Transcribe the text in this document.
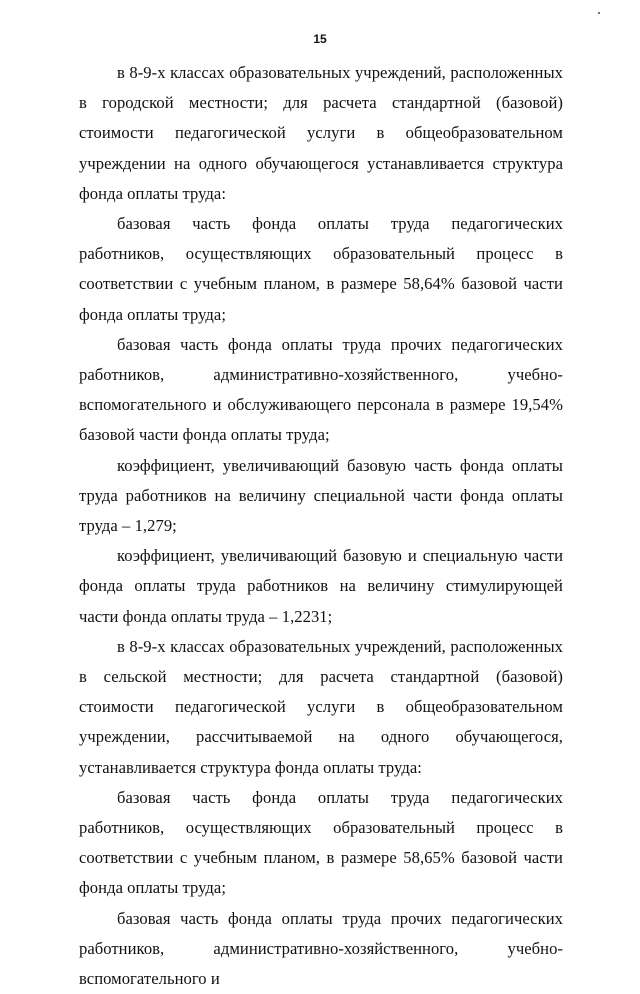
15

в 8-9-х классах образовательных учреждений, расположенных в городской местности; для расчета стандартной (базовой) стоимости педагогической услуги в общеобразовательном учреждении на одного обучающегося устанавливается структура фонда оплаты труда:

базовая часть фонда оплаты труда педагогических работников, осуществляющих образовательный процесс в соответствии с учебным планом, в размере 58,64% базовой части фонда оплаты труда;

базовая часть фонда оплаты труда прочих педагогических работников, административно-хозяйственного, учебно-вспомогательного и обслуживающего персонала в размере 19,54% базовой части фонда оплаты труда;

коэффициент, увеличивающий базовую часть фонда оплаты труда работников на величину специальной части фонда оплаты труда – 1,279;

коэффициент, увеличивающий базовую и специальную части фонда оплаты труда работников на величину стимулирующей части фонда оплаты труда – 1,2231;

в 8-9-х классах образовательных учреждений, расположенных в сельской местности; для расчета стандартной (базовой) стоимости педагогической услуги в общеобразовательном учреждении, рассчитываемой на одного обучающегося, устанавливается структура фонда оплаты труда:

базовая часть фонда оплаты труда педагогических работников, осуществляющих образовательный процесс в соответствии с учебным планом, в размере 58,65% базовой части фонда оплаты труда;

базовая часть фонда оплаты труда прочих педагогических работников, административно-хозяйственного, учебно-вспомогательного и
